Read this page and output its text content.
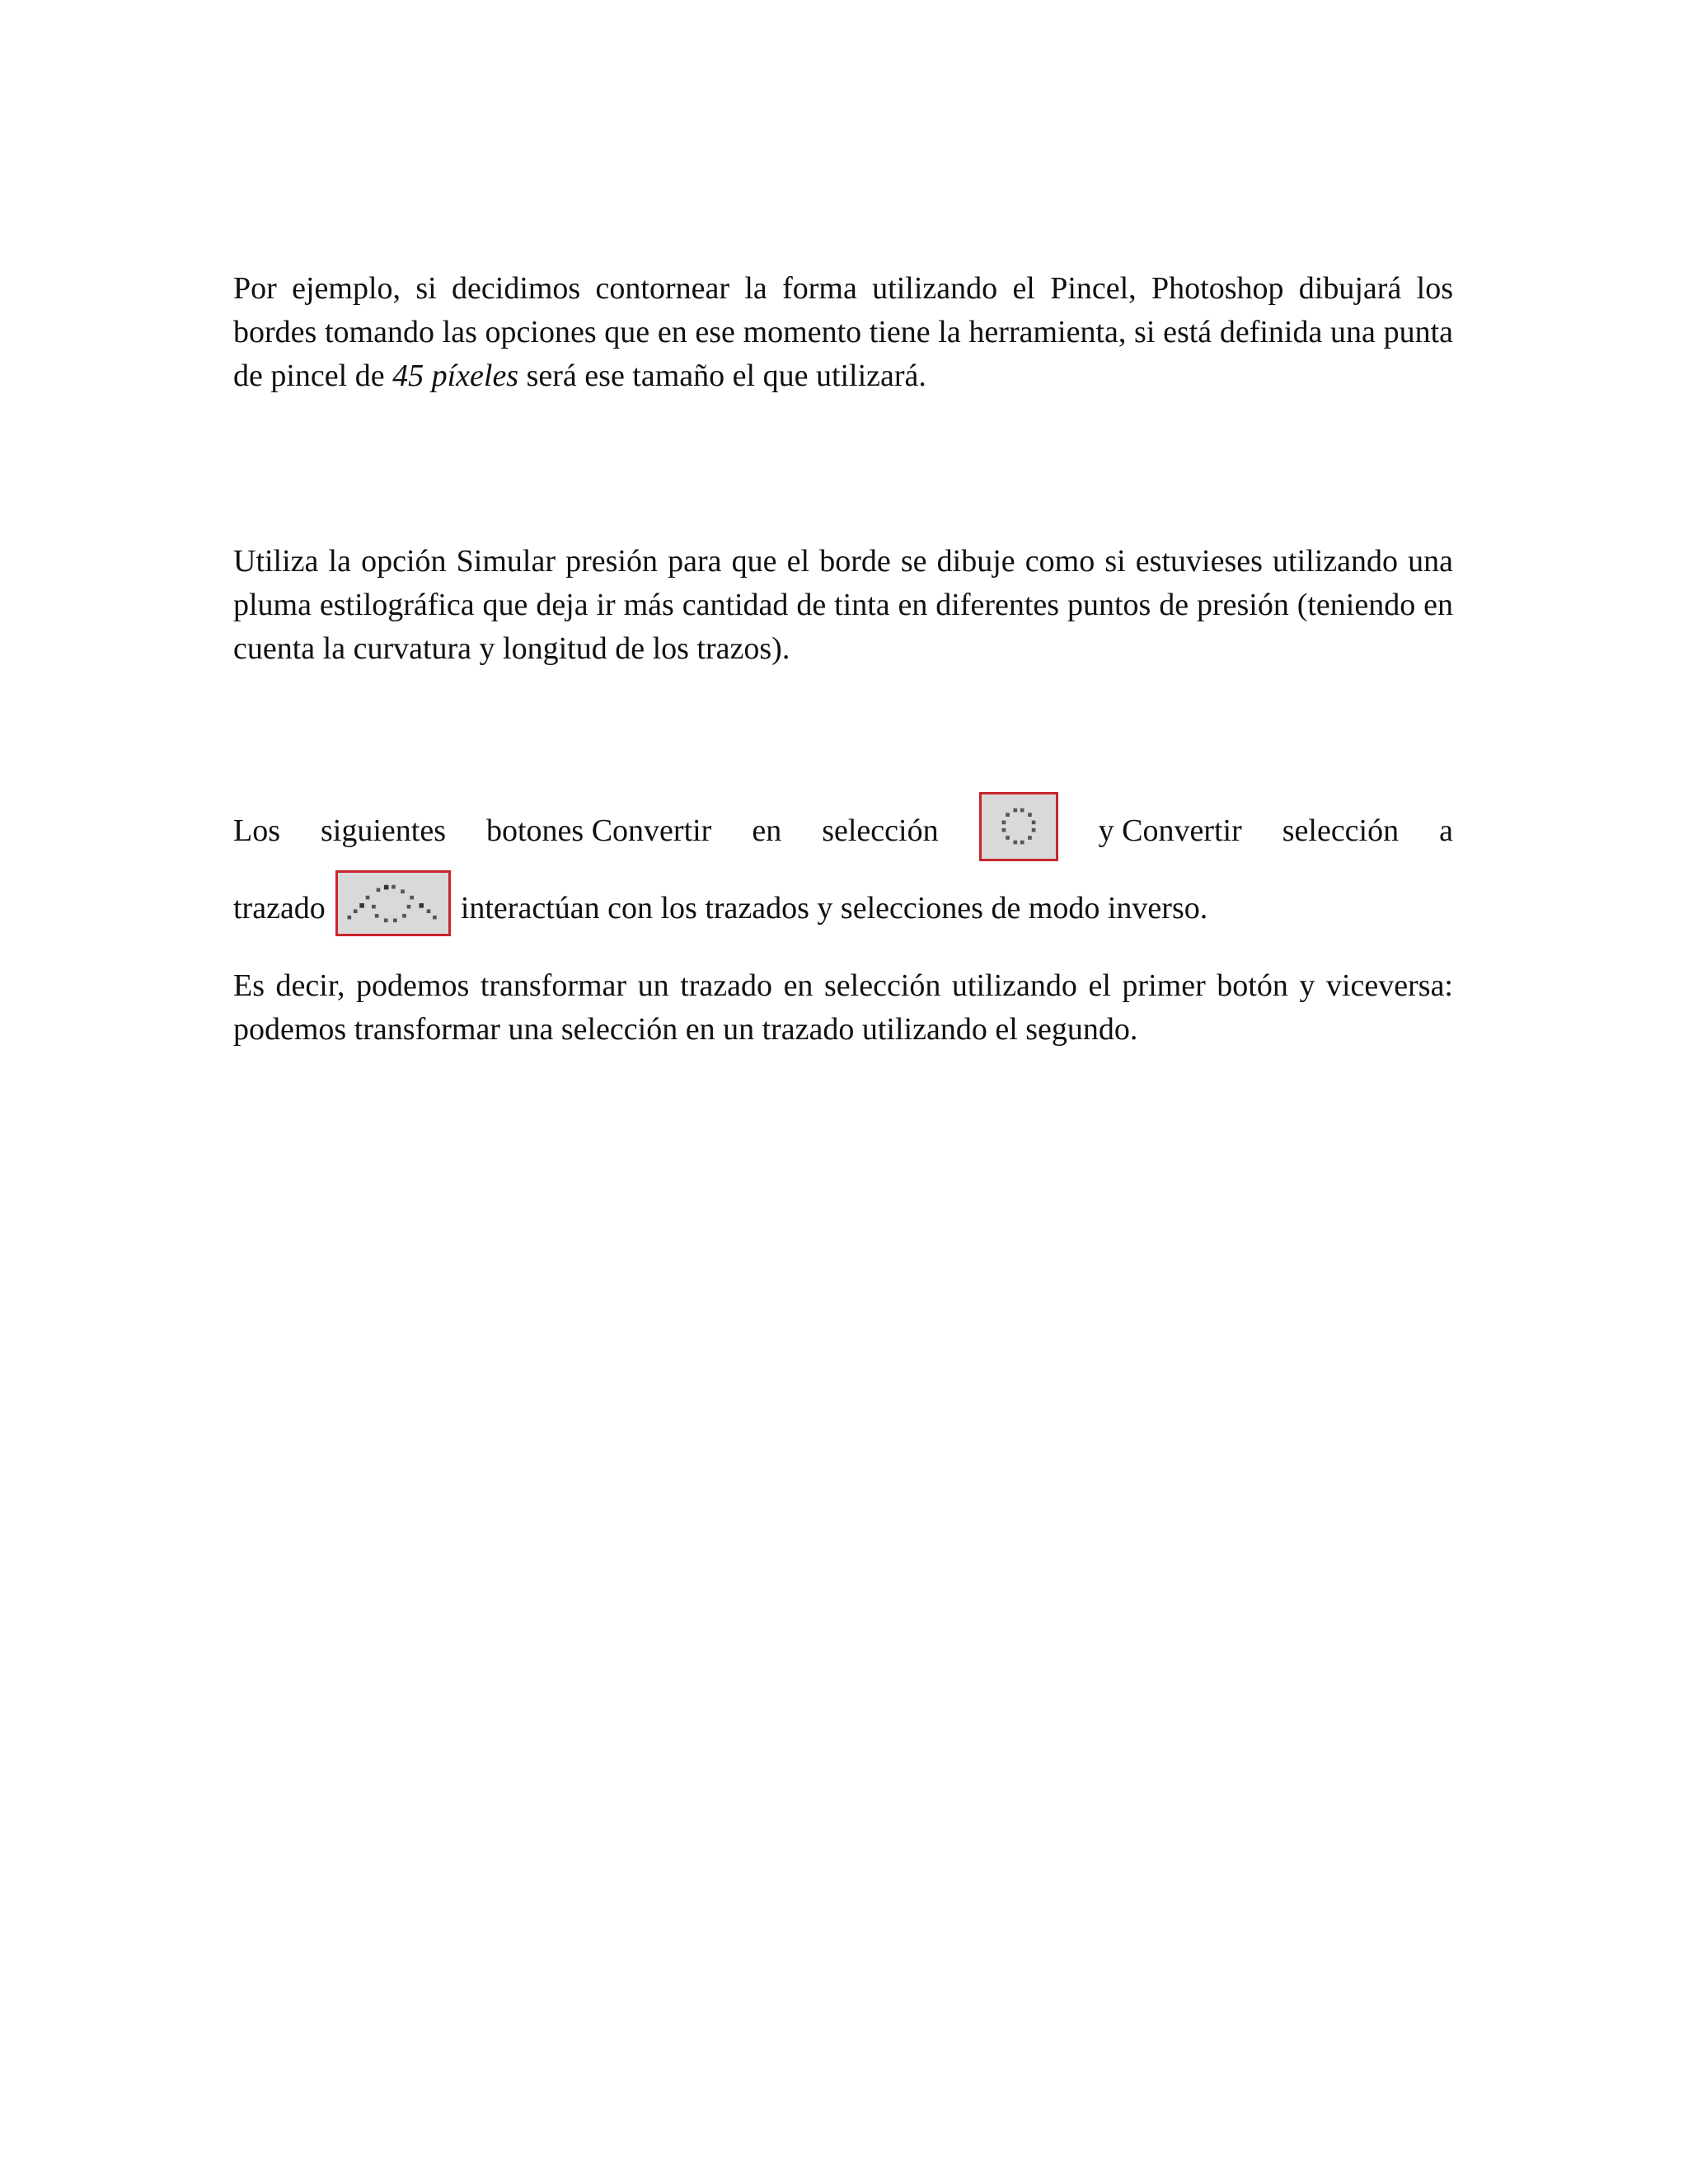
Por ejemplo, si decidimos contornear la forma utilizando el Pincel, Photoshop dibujará los bordes tomando las opciones que en ese momento tiene la herramienta, si está definida una punta de pincel de 45 píxeles será ese tamaño el que utilizará.

Utiliza la opción Simular presión para que el borde se dibuje como si estuvieses utilizando una pluma estilográfica que deja ir más cantidad de tinta en diferentes puntos de presión (teniendo en cuenta la curvatura y longitud de los trazos).

Los siguientes botones Convertir en selección	y Convertir selección a
trazado	interactúan con los trazados y selecciones de modo inverso.

Es decir, podemos transformar un trazado en selección utilizando el primer botón y viceversa: podemos transformar una selección en un trazado utilizando el segundo.
